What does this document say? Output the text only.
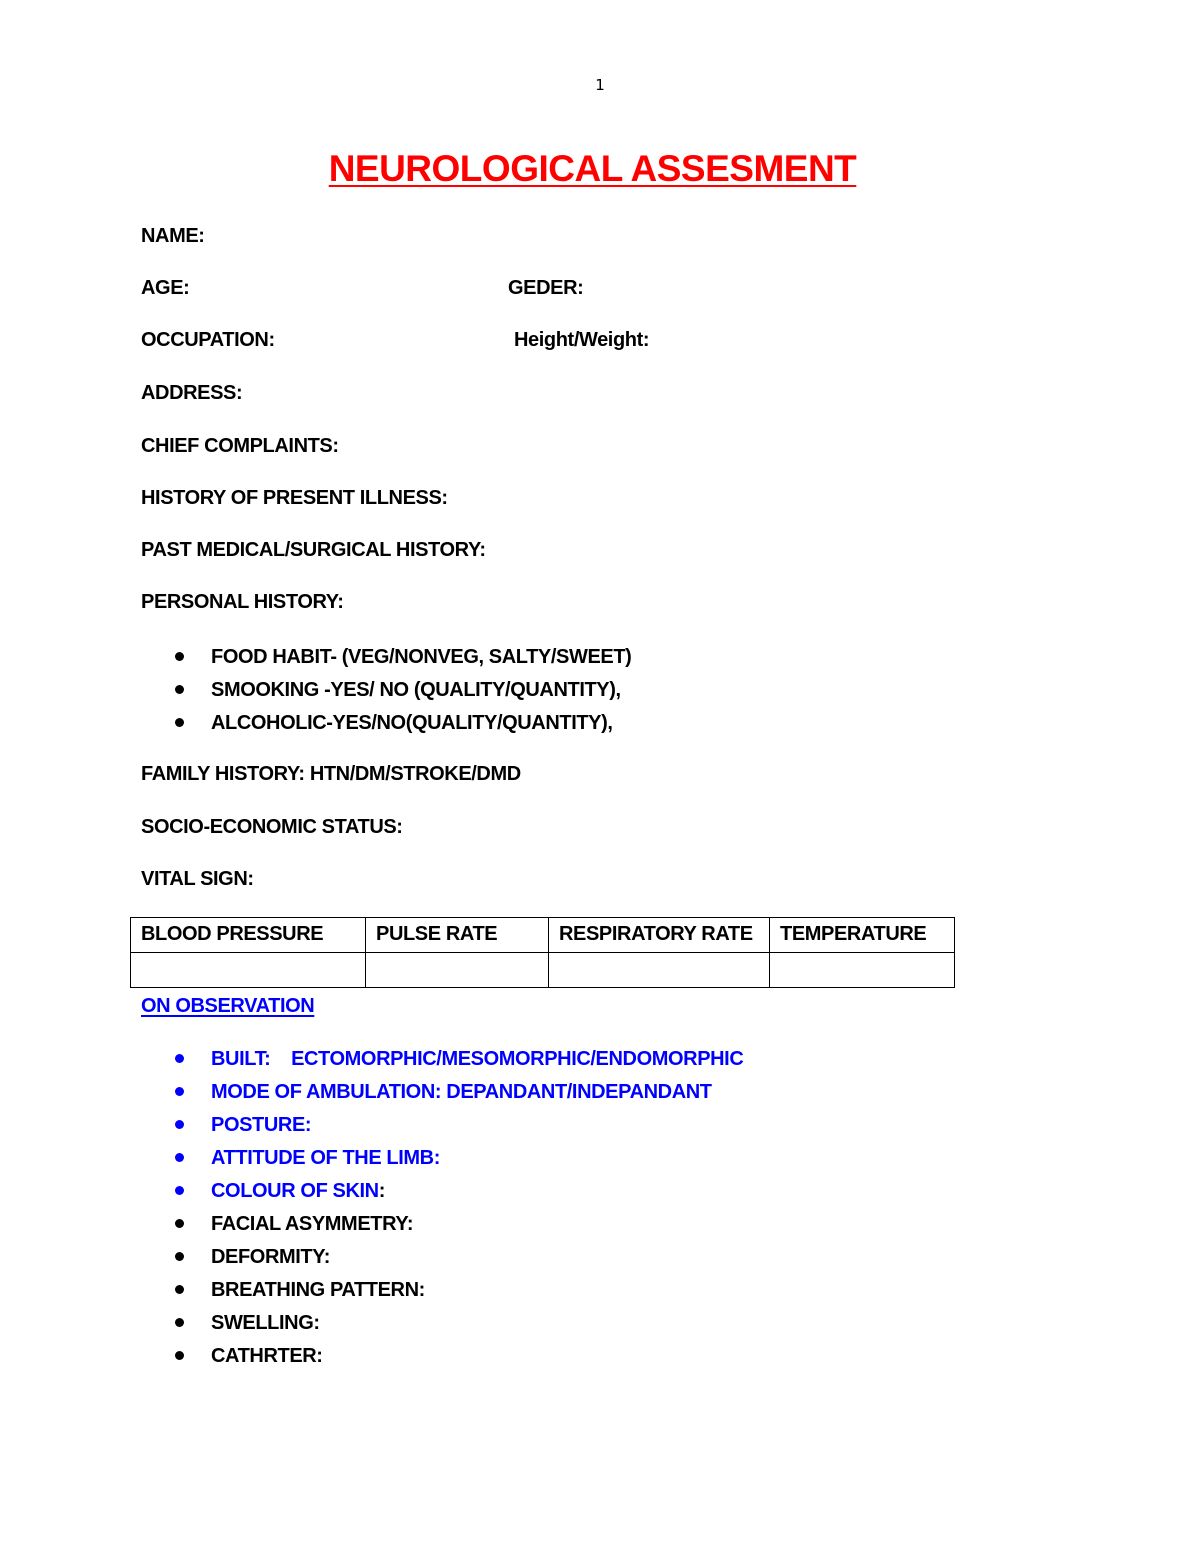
1
NEUROLOGICAL ASSESMENT
NAME:
AGE:	GEDER:
OCCUPATION:	Height/Weight:
ADDRESS:
CHIEF COMPLAINTS:
HISTORY OF PRESENT ILLNESS:
PAST MEDICAL/SURGICAL HISTORY:
PERSONAL HISTORY:
FOOD HABIT- (VEG/NONVEG, SALTY/SWEET)
SMOOKING -YES/ NO (QUALITY/QUANTITY),
ALCOHOLIC-YES/NO(QUALITY/QUANTITY),
FAMILY HISTORY: HTN/DM/STROKE/DMD
SOCIO-ECONOMIC STATUS:
VITAL SIGN:
BLOOD PRESSURE	PULSE RATE	RESPIRATORY RATE	TEMPERATURE

ON OBSERVATION
BUILT:    ECTOMORPHIC/MESOMORPHIC/ENDOMORPHIC
MODE OF AMBULATION: DEPANDANT/INDEPANDANT
POSTURE:
ATTITUDE OF THE LIMB:
COLOUR OF SKIN:
FACIAL ASYMMETRY:
DEFORMITY:
BREATHING PATTERN:
SWELLING:
CATHRTER:
